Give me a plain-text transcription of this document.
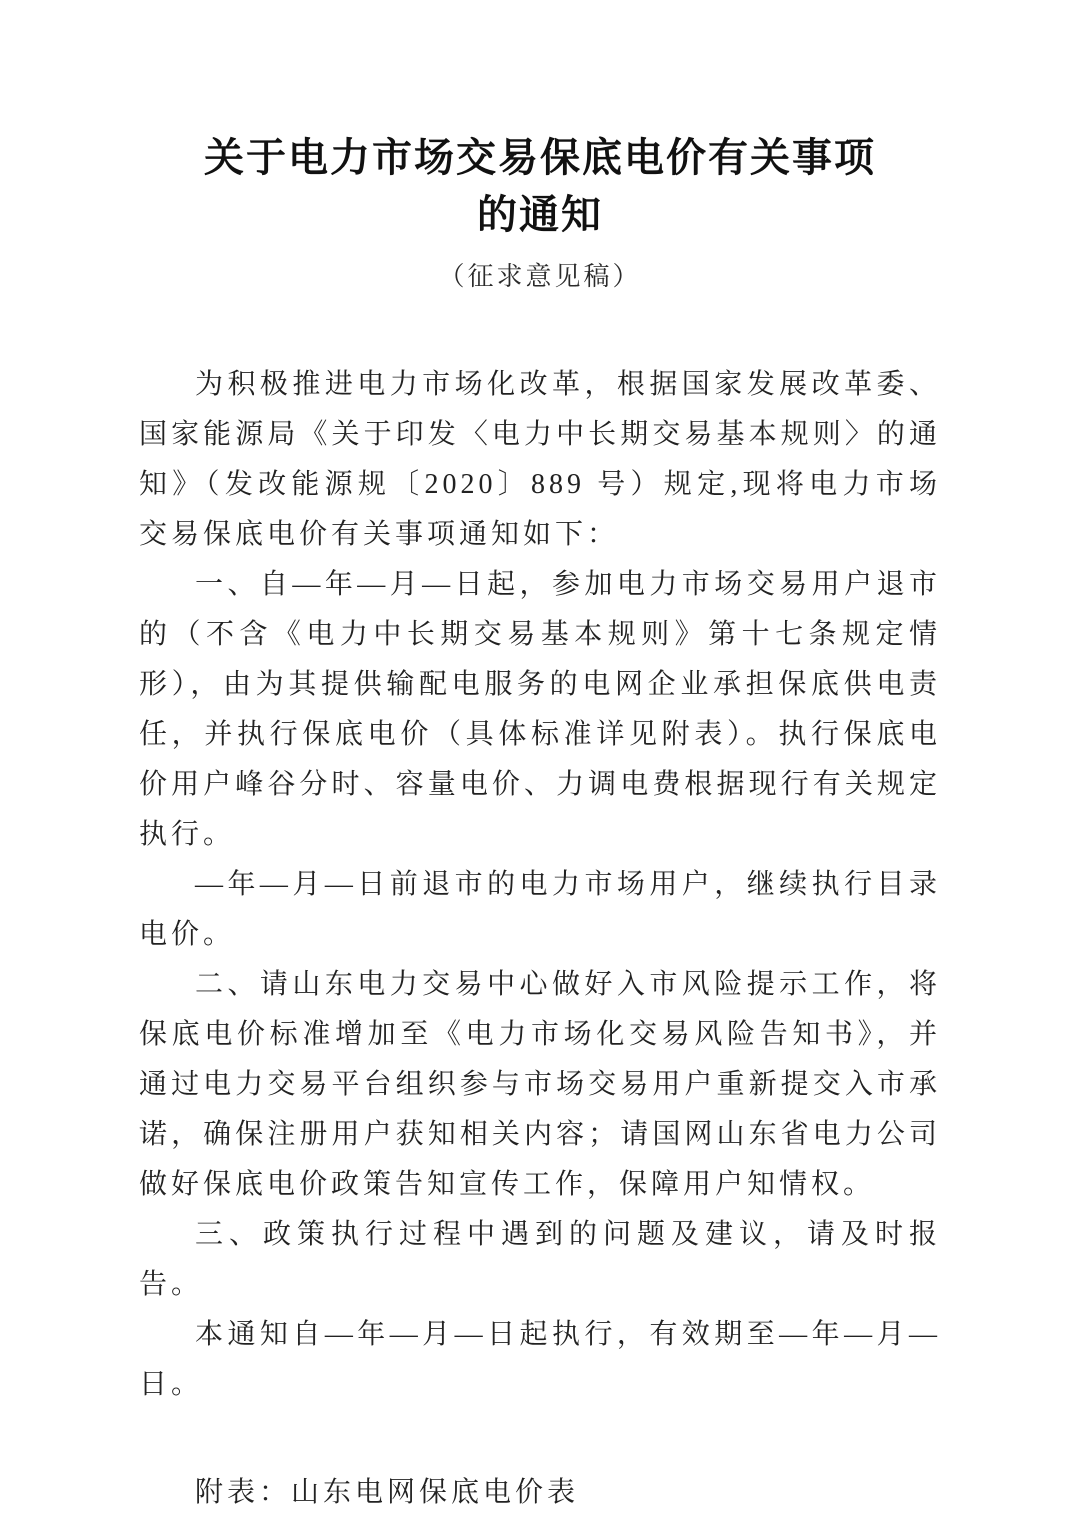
关于电力市场交易保底电价有关事项
的通知
（征求意见稿）

为积极推进电力市场化改革，根据国家发展改革委、国家能源局《关于印发〈电力中长期交易基本规则〉的通知》（发改能源规〔2020〕889 号）规定,现将电力市场交易保底电价有关事项通知如下：

一、自—年—月—日起，参加电力市场交易用户退市的（不含《电力中长期交易基本规则》第十七条规定情形），由为其提供输配电服务的电网企业承担保底供电责任，并执行保底电价（具体标准详见附表）。执行保底电价用户峰谷分时、容量电价、力调电费根据现行有关规定执行。

—年—月—日前退市的电力市场用户，继续执行目录电价。

二、请山东电力交易中心做好入市风险提示工作，将保底电价标准增加至《电力市场化交易风险告知书》，并通过电力交易平台组织参与市场交易用户重新提交入市承诺，确保注册用户获知相关内容；请国网山东省电力公司做好保底电价政策告知宣传工作，保障用户知情权。

三、政策执行过程中遇到的问题及建议，请及时报告。

本通知自—年—月—日起执行，有效期至—年—月—日。

附表：山东电网保底电价表
